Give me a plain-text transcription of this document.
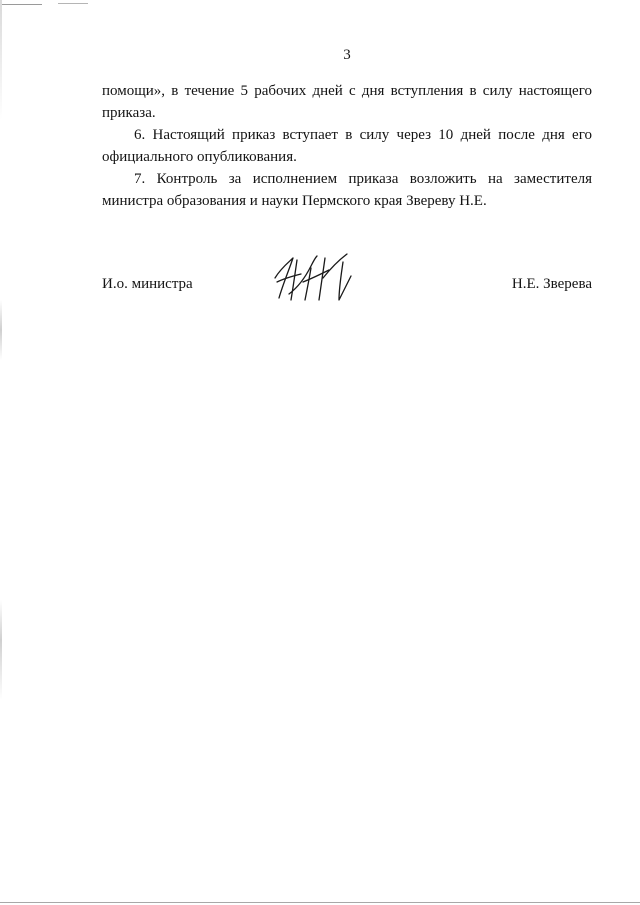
3

помощи», в течение 5 рабочих дней с дня вступления в силу настоящего приказа.

6. Настоящий приказ вступает в силу через 10 дней после дня его официального опубликования.

7. Контроль за исполнением приказа возложить на заместителя министра образования и науки Пермского края Звереву Н.Е.

И.о. министра	Н.Е. Зверева
